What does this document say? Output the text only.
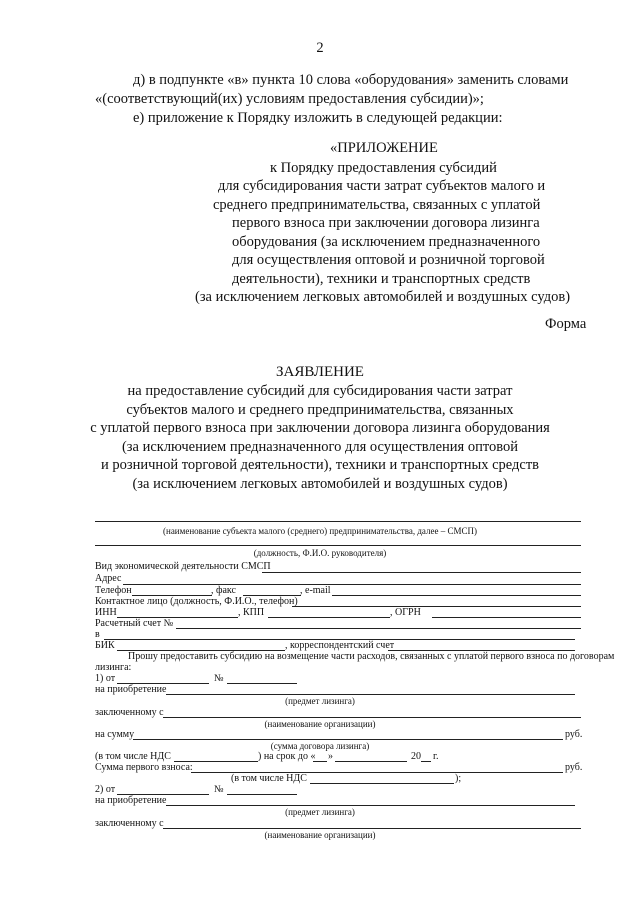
2
д) в подпункте «в» пункта 10 слова «оборудования» заменить словами
«(соответствующий(их) условиям предоставления субсидии)»;
е) приложение к Порядку изложить в следующей редакции:
«ПРИЛОЖЕНИЕ
к Порядку предоставления субсидий
для субсидирования части затрат субъектов малого и
среднего предпринимательства, связанных с уплатой
первого взноса при заключении договора лизинга
оборудования (за исключением предназначенного
для осуществления оптовой и розничной торговой
деятельности), техники и транспортных средств
(за исключением легковых автомобилей и воздушных судов)
Форма
ЗАЯВЛЕНИЕ
на предоставление субсидий для субсидирования части затрат
субъектов малого и среднего предпринимательства, связанных
с уплатой первого взноса при заключении договора лизинга оборудования
(за исключением предназначенного для осуществления оптовой
и розничной торговой деятельности), техники и транспортных средств
(за исключением легковых автомобилей и воздушных судов)
(наименование субъекта малого (среднего) предпринимательства, далее – СМСП)
(должность, Ф.И.О. руководителя)
Вид экономической деятельности СМСП
Адрес
Телефон	, факс	, e-mail
Контактное лицо (должность, Ф.И.О., телефон)
ИНН	, КПП	, ОГРН
Расчетный счет №
в
БИК	, корреспондентский счет
Прошу предоставить субсидию на возмещение части расходов, связанных с уплатой первого взноса по договорам
лизинга:
1) от	№
на приобретение
(предмет лизинга)
заключенному с
(наименование организации)
на сумму	руб.
(сумма договора лизинга)
(в том числе НДС	) на срок до « »	20 г.
Сумма первого взноса:	руб.
(в том числе НДС	);
2) от	№
на приобретение
(предмет лизинга)
заключенному с
(наименование организации)
